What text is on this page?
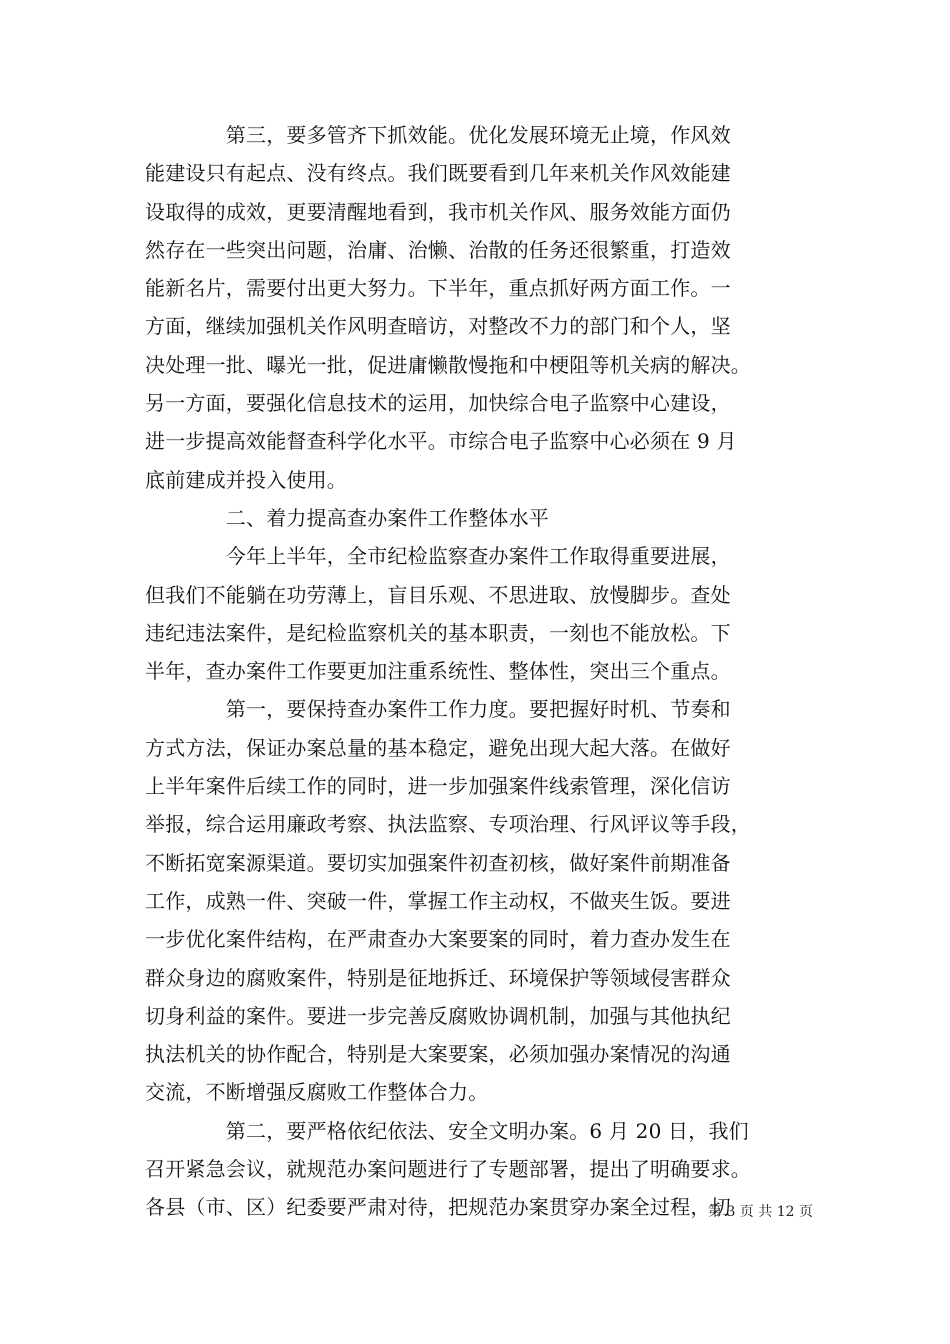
　　　　第三，要多管齐下抓效能。优化发展环境无止境，作风效
能建设只有起点、没有终点。我们既要看到几年来机关作风效能建
设取得的成效，更要清醒地看到，我市机关作风、服务效能方面仍
然存在一些突出问题，治庸、治懒、治散的任务还很繁重，打造效
能新名片，需要付出更大努力。下半年，重点抓好两方面工作。一
方面，继续加强机关作风明查暗访，对整改不力的部门和个人，坚
决处理一批、曝光一批，促进庸懒散慢拖和中梗阻等机关病的解决。
另一方面，要强化信息技术的运用，加快综合电子监察中心建设，
进一步提高效能督查科学化水平。市综合电子监察中心必须在 9 月
底前建成并投入使用。
　　　　二、着力提高查办案件工作整体水平
　　　　今年上半年，全市纪检监察查办案件工作取得重要进展，
但我们不能躺在功劳薄上，盲目乐观、不思进取、放慢脚步。查处
违纪违法案件，是纪检监察机关的基本职责，一刻也不能放松。下
半年，查办案件工作要更加注重系统性、整体性，突出三个重点。
　　　　第一，要保持查办案件工作力度。要把握好时机、节奏和
方式方法，保证办案总量的基本稳定，避免出现大起大落。在做好
上半年案件后续工作的同时，进一步加强案件线索管理，深化信访
举报，综合运用廉政考察、执法监察、专项治理、行风评议等手段，
不断拓宽案源渠道。要切实加强案件初查初核，做好案件前期准备
工作，成熟一件、突破一件，掌握工作主动权，不做夹生饭。要进
一步优化案件结构，在严肃查办大案要案的同时，着力查办发生在
群众身边的腐败案件，特别是征地拆迁、环境保护等领域侵害群众
切身利益的案件。要进一步完善反腐败协调机制，加强与其他执纪
执法机关的协作配合，特别是大案要案，必须加强办案情况的沟通
交流，不断增强反腐败工作整体合力。
　　　　第二，要严格依纪依法、安全文明办案。6 月 20 日，我们
召开紧急会议，就规范办案问题进行了专题部署，提出了明确要求。
各县（市、区）纪委要严肃对待，把规范办案贯穿办案全过程，切
第 3 页 共 12 页
